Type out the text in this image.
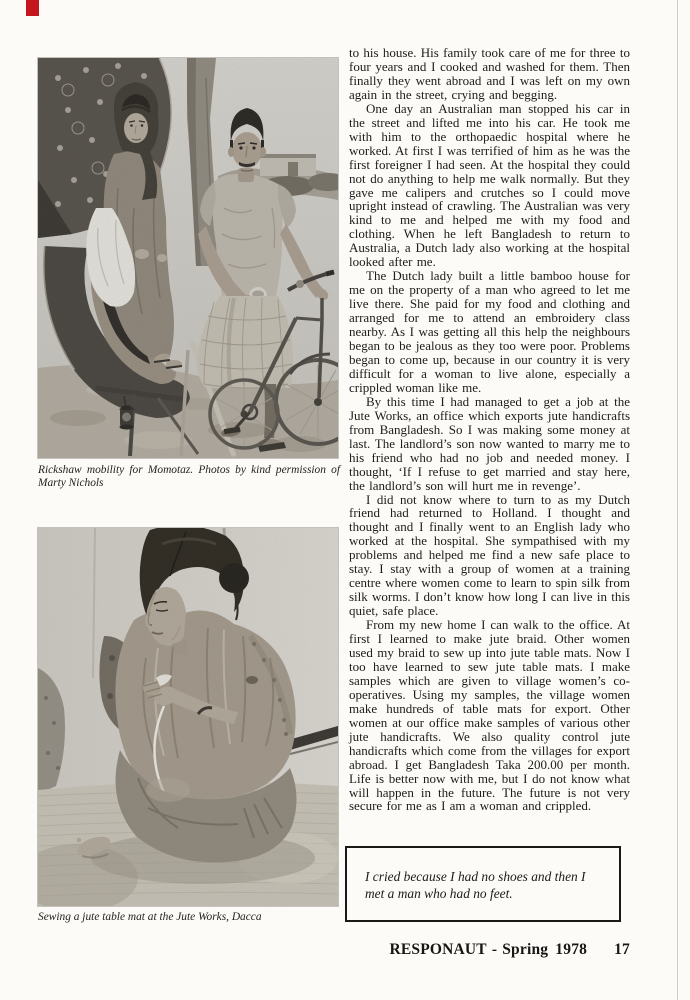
Rickshaw mobility for Momotaz. Photos by kind permission of Marty Nichols
Sewing a jute table mat at the Jute Works, Dacca

to his house. His family took care of me for three to four years and I cooked and washed for them. Then finally they went abroad and I was left on my own again in the street, crying and begging.

One day an Australian man stopped his car in the street and lifted me into his car. He took me with him to the orthopaedic hospital where he worked. At first I was terrified of him as he was the first foreigner I had seen. At the hospital they could not do anything to help me walk normally. But they gave me calipers and crutches so I could move upright instead of crawling. The Australian was very kind to me and helped me with my food and clothing. When he left Bangladesh to return to Australia, a Dutch lady also working at the hospital looked after me.

The Dutch lady built a little bamboo house for me on the property of a man who agreed to let me live there. She paid for my food and clothing and arranged for me to attend an embroidery class nearby. As I was getting all this help the neighbours began to be jealous as they too were poor. Problems began to come up, because in our country it is very difficult for a woman to live alone, especially a crippled woman like me.

By this time I had managed to get a job at the Jute Works, an office which exports jute handicrafts from Bangladesh. So I was making some money at last. The landlord’s son now wanted to marry me to his friend who had no job and needed money. I thought, ‘If I refuse to get married and stay here, the landlord’s son will hurt me in revenge’.

I did not know where to turn to as my Dutch friend had returned to Holland. I thought and thought and I finally went to an English lady who worked at the hospital. She sympathised with my problems and helped me find a new safe place to stay. I stay with a group of women at a training centre where women come to learn to spin silk from silk worms. I don’t know how long I can live in this quiet, safe place.

From my new home I can walk to the office. At first I learned to make jute braid. Other women used my braid to sew up into jute table mats. Now I too have learned to sew jute table mats. I make samples which are given to village women’s co-operatives. Using my samples, the village women make hundreds of table mats for export. Other women at our office make samples of various other jute handicrafts. We also quality control jute handicrafts which come from the villages for export abroad. I get Bangladesh Taka 200.00 per month. Life is better now with me, but I do not know what will happen in the future. The future is not very secure for me as I am a woman and crippled.

I cried because I had no shoes and then I met a man who had no feet.
RESPONAUT - Spring 1978 17
